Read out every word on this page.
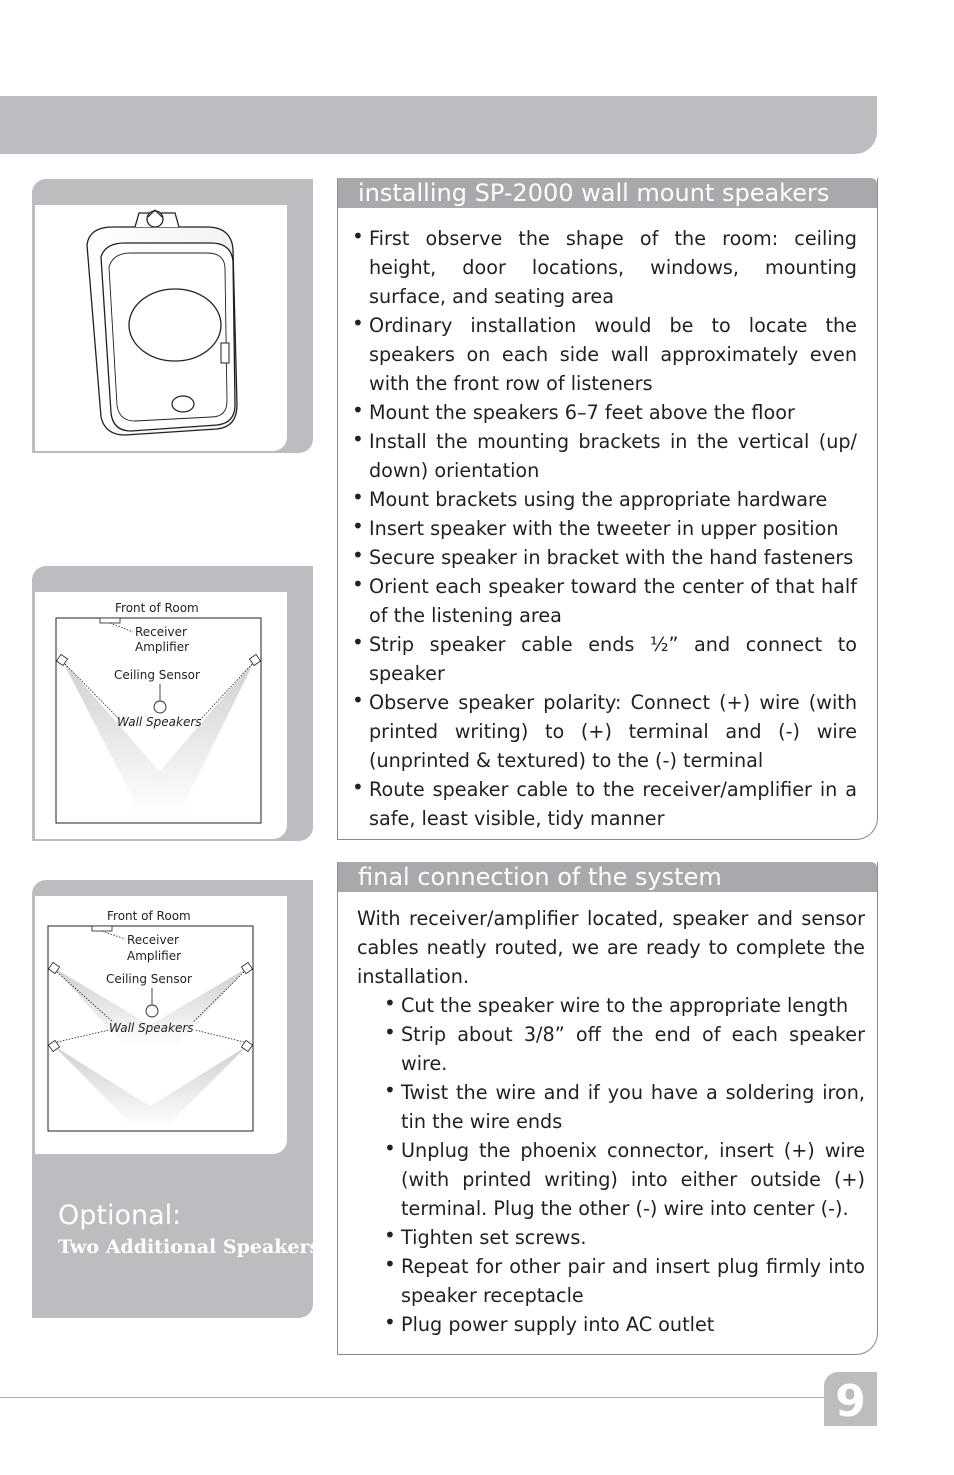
Front of Room
Receiver
Amplifier
Ceiling Sensor
Wall Speakers
Front of Room
Receiver
Amplifier
Ceiling Sensor
Wall Speakers
Optional:
Two Additional Speakers
installing SP-2000 wall mount speakers
• First observe the shape of the room: ceiling height, door locations, windows, mounting surface, and seating area
• Ordinary installation would be to locate the speakers on each side wall approximately even with the front row of listeners
• Mount the speakers 6–7 feet above the floor
• Install the mounting brackets in the vertical (up/ down) orientation
• Mount brackets using the appropriate hardware
• Insert speaker with the tweeter in upper position
• Secure speaker in bracket with the hand fasteners
• Orient each speaker toward the center of that half of the listening area
• Strip speaker cable ends ½” and connect to speaker
• Observe speaker polarity: Connect (+) wire (with printed writing) to (+) terminal and (-) wire (unprinted & textured) to the (-) terminal
• Route speaker cable to the receiver/amplifier in a safe, least visible, tidy manner
final connection of the system
With receiver/amplifier located, speaker and sensor cables neatly routed, we are ready to complete the installation.
• Cut the speaker wire to the appropriate length
• Strip about 3/8” off the end of each speaker wire.
• Twist the wire and if you have a soldering iron, tin the wire ends
• Unplug the phoenix connector, insert (+) wire (with printed writing) into either outside (+) terminal. Plug the other (-) wire into center (-).
• Tighten set screws.
• Repeat for other pair and insert plug firmly into speaker receptacle
• Plug power supply into AC outlet
9
